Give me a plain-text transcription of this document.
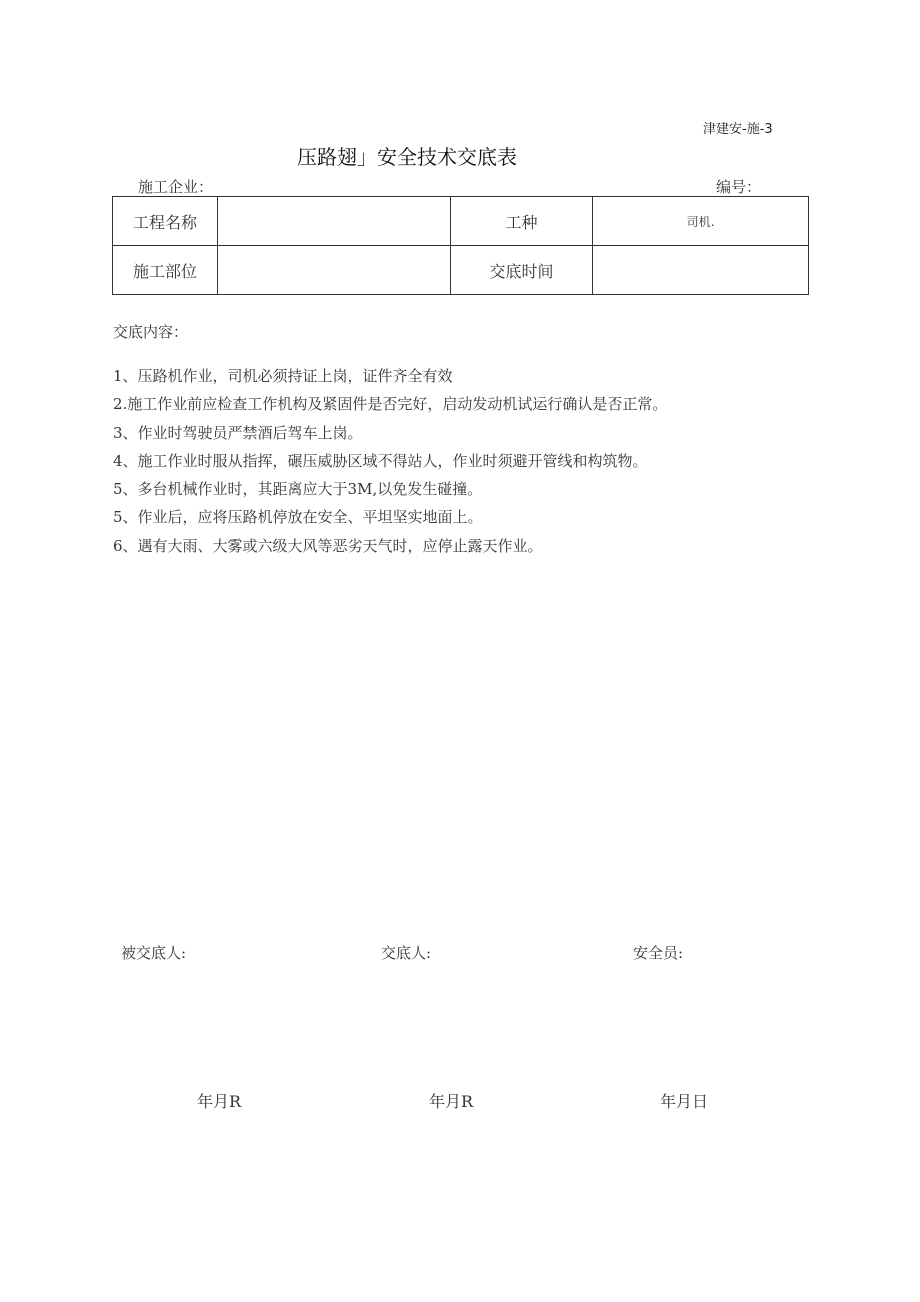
津建安-施-3
压路翅」安全技术交底表
施工企业：	编号：
工程名称		工种	司机.
施工部位		交底时间	
交底内容：
1、压路机作业，司机必须持证上岗，证件齐全有效
2.施工作业前应检查工作机构及紧固件是否完好，启动发动机试运行确认是否正常。
3、作业时驾驶员严禁酒后驾车上岗。
4、施工作业时服从指挥，碾压威胁区域不得站人，作业时须避开管线和构筑物。
5、多台机械作业时，其距离应大于3M,以免发生碰撞。
5、作业后，应将压路机停放在安全、平坦坚实地面上。
6、遇有大雨、大雾或六级大风等恶劣天气时，应停止露天作业。
被交底人:	交底人:	安全员:
年月R	年月R	年月日
